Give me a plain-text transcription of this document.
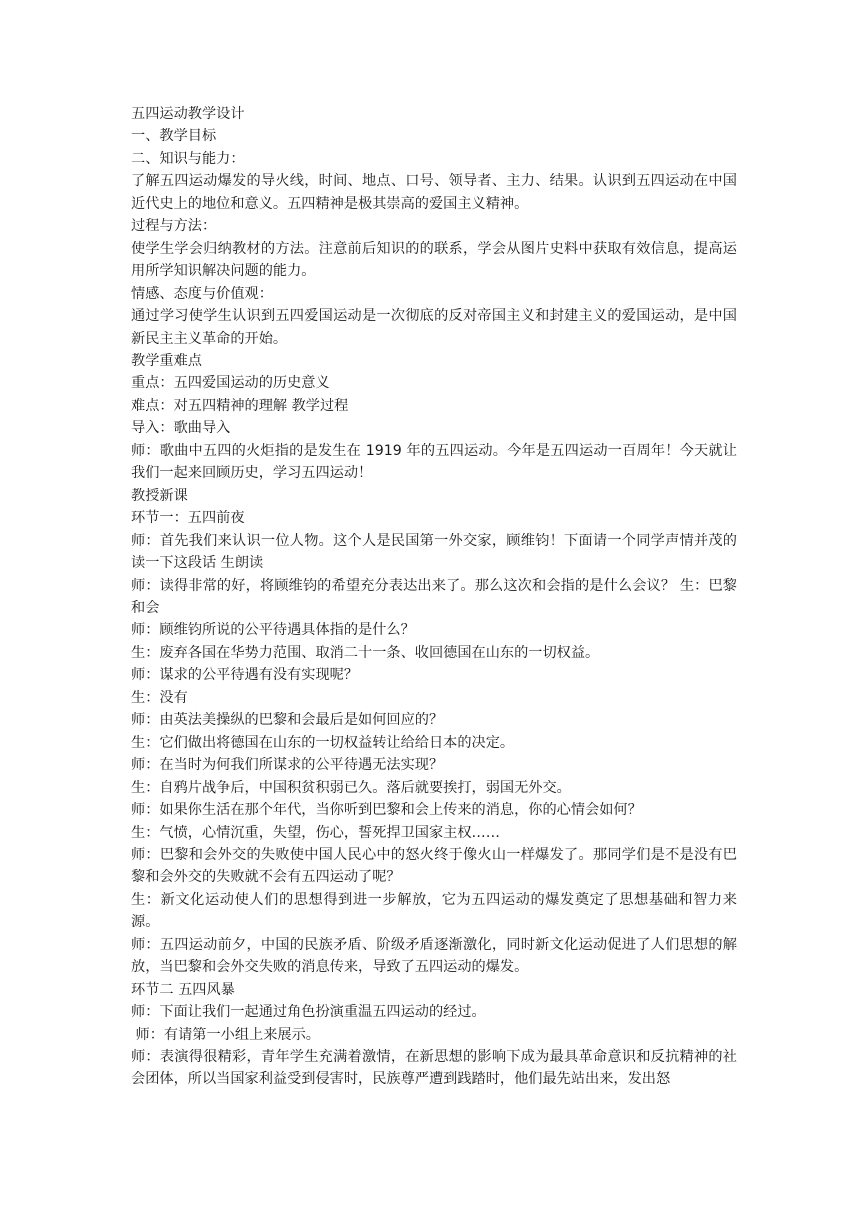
五四运动教学设计

一、教学目标

二、知识与能力：

了解五四运动爆发的导火线，时间、地点、口号、领导者、主力、结果。认识到五四运动在中国近代史上的地位和意义。五四精神是极其崇高的爱国主义精神。

过程与方法：

使学生学会归纳教材的方法。注意前后知识的的联系，学会从图片史料中获取有效信息，提高运用所学知识解决问题的能力。

情感、态度与价值观：

通过学习使学生认识到五四爱国运动是一次彻底的反对帝国主义和封建主义的爱国运动，是中国新民主主义革命的开始。

教学重难点

重点：五四爱国运动的历史意义

难点：对五四精神的理解 教学过程

导入：歌曲导入

师：歌曲中五四的火炬指的是发生在 1919 年的五四运动。今年是五四运动一百周年！今天就让我们一起来回顾历史，学习五四运动！

教授新课

环节一：五四前夜

师：首先我们来认识一位人物。这个人是民国第一外交家，顾维钧！下面请一个同学声情并茂的读一下这段话 生朗读

师：读得非常的好，将顾维钧的希望充分表达出来了。那么这次和会指的是什么会议？ 生：巴黎和会

师：顾维钧所说的公平待遇具体指的是什么？

生：废弃各国在华势力范围、取消二十一条、收回德国在山东的一切权益。

师：谋求的公平待遇有没有实现呢？

生：没有

师：由英法美操纵的巴黎和会最后是如何回应的？

生：它们做出将德国在山东的一切权益转让给给日本的决定。

师：在当时为何我们所谋求的公平待遇无法实现？

生：自鸦片战争后，中国积贫积弱已久。落后就要挨打，弱国无外交。

师：如果你生活在那个年代，当你听到巴黎和会上传来的消息，你的心情会如何？

生：气愤，心情沉重，失望，伤心，誓死捍卫国家主权……

师：巴黎和会外交的失败使中国人民心中的怒火终于像火山一样爆发了。那同学们是不是没有巴黎和会外交的失败就不会有五四运动了呢？

生：新文化运动使人们的思想得到进一步解放，它为五四运动的爆发奠定了思想基础和智力来源。

师：五四运动前夕，中国的民族矛盾、阶级矛盾逐渐激化，同时新文化运动促进了人们思想的解放，当巴黎和会外交失败的消息传来，导致了五四运动的爆发。

环节二 五四风暴

师：下面让我们一起通过角色扮演重温五四运动的经过。

师：有请第一小组上来展示。

师：表演得很精彩，青年学生充满着激情，在新思想的影响下成为最具革命意识和反抗精神的社会团体，所以当国家利益受到侵害时，民族尊严遭到践踏时，他们最先站出来，发出怒
